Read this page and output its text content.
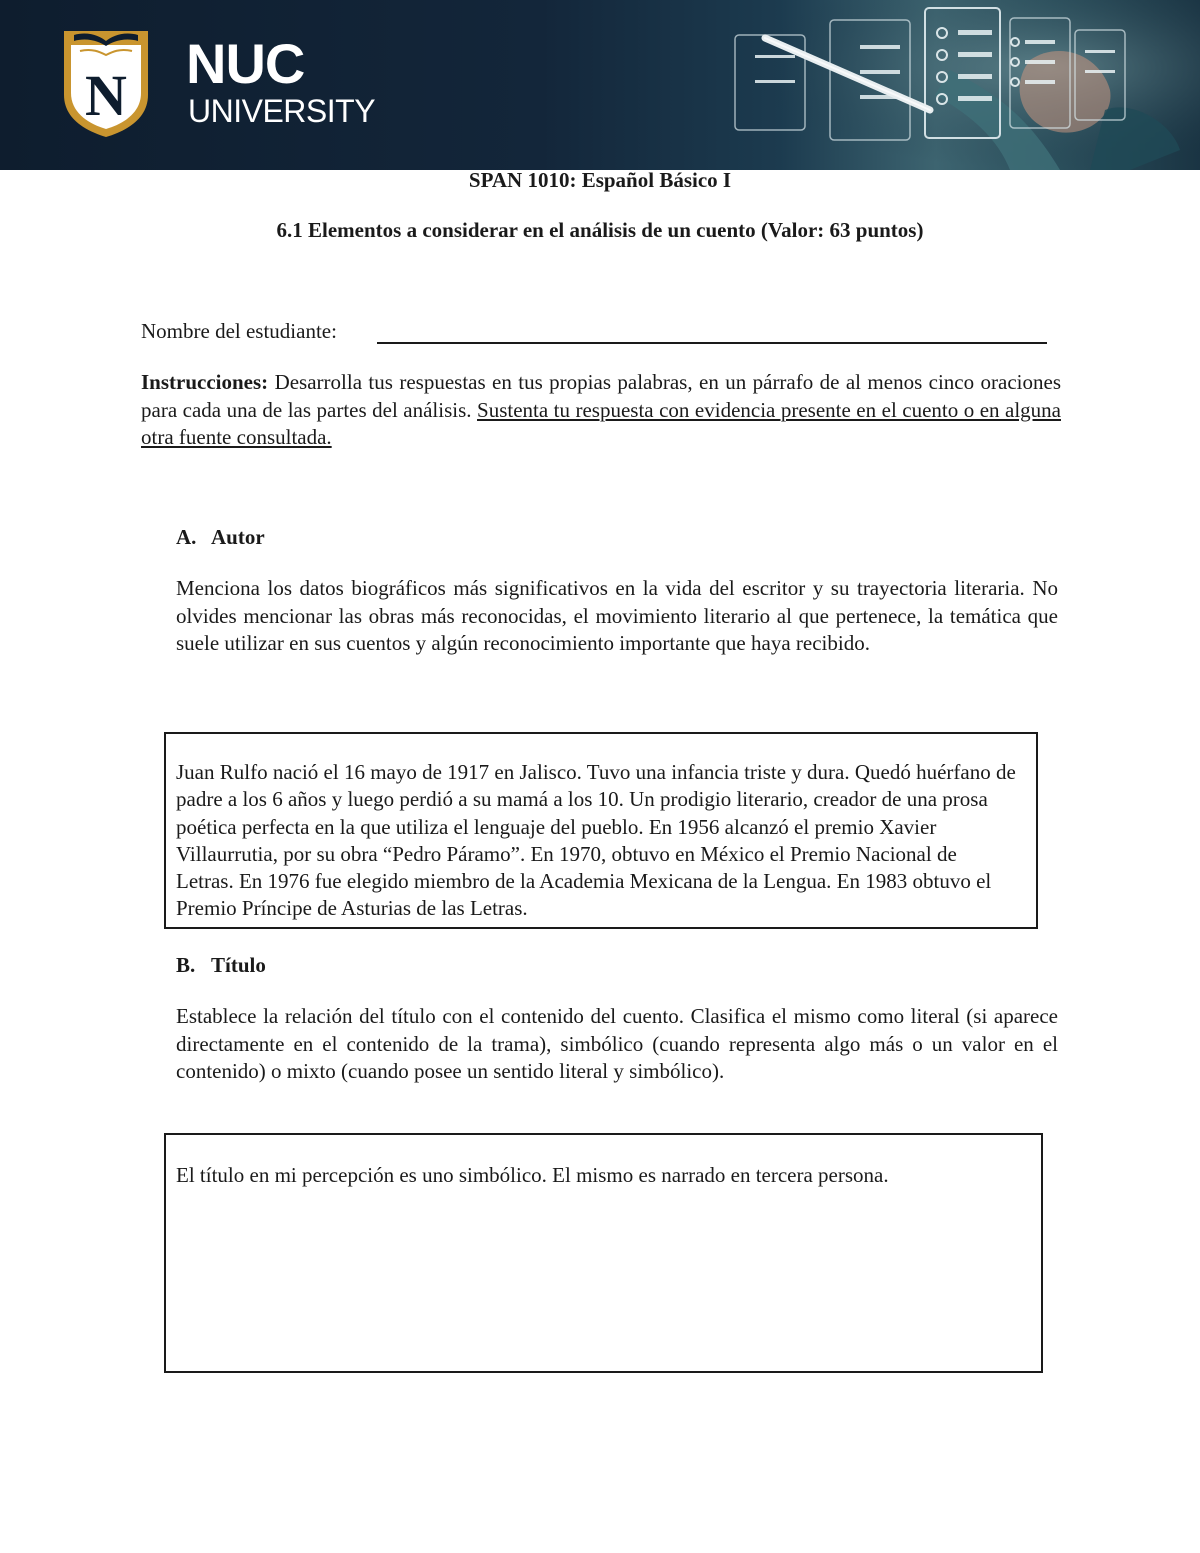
N NUC
UNIVERSITY
SPAN 1010: Español Básico I
6.1 Elementos a considerar en el análisis de un cuento (Valor: 63 puntos)
Nombre del estudiante:
Instrucciones: Desarrolla tus respuestas en tus propias palabras, en un párrafo de al menos cinco oraciones para cada una de las partes del análisis. Sustenta tu respuesta con evidencia presente en el cuento o en alguna otra fuente consultada.
A. Autor
Menciona los datos biográficos más significativos en la vida del escritor y su trayectoria literaria. No olvides mencionar las obras más reconocidas, el movimiento literario al que pertenece, la temática que suele utilizar en sus cuentos y algún reconocimiento importante que haya recibido.
Juan Rulfo nació el 16 mayo de 1917 en Jalisco. Tuvo una infancia triste y dura. Quedó huérfano de padre a los 6 años y luego perdió a su mamá a los 10. Un prodigio literario, creador de una prosa poética perfecta en la que utiliza el lenguaje del pueblo. En 1956 alcanzó el premio Xavier Villaurrutia, por su obra “Pedro Páramo”. En 1970, obtuvo en México el Premio Nacional de Letras. En 1976 fue elegido miembro de la Academia Mexicana de la Lengua. En 1983 obtuvo el Premio Príncipe de Asturias de las Letras.
B. Título
Establece la relación del título con el contenido del cuento. Clasifica el mismo como literal (si aparece directamente en el contenido de la trama), simbólico (cuando representa algo más o un valor en el contenido) o mixto (cuando posee un sentido literal y simbólico).
El título en mi percepción es uno simbólico. El mismo es narrado en tercera persona.
